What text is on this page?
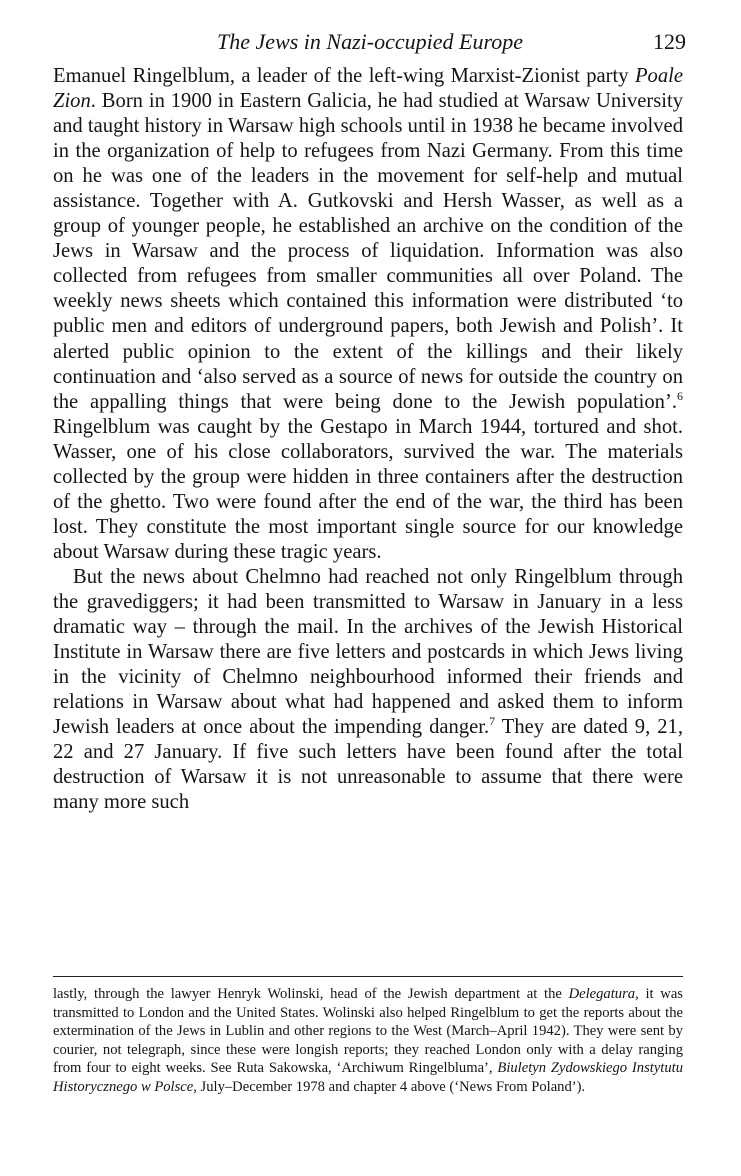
The Jews in Nazi-occupied Europe	129

Emanuel Ringelblum, a leader of the left-wing Marxist-Zionist party Poale Zion. Born in 1900 in Eastern Galicia, he had studied at Warsaw University and taught history in Warsaw high schools until in 1938 he became involved in the organization of help to refugees from Nazi Germany. From this time on he was one of the leaders in the movement for self-help and mutual assistance. Together with A. Gutkovski and Hersh Wasser, as well as a group of younger people, he established an archive on the condition of the Jews in Warsaw and the process of liquidation. Information was also collected from refugees from smaller communities all over Poland. The weekly news sheets which contained this information were distributed ‘to public men and editors of underground papers, both Jewish and Polish’. It alerted public opinion to the extent of the killings and their likely continuation and ‘also served as a source of news for outside the country on the appalling things that were being done to the Jewish population’.$^6$ Ringelblum was caught by the Gestapo in March 1944, tortured and shot. Wasser, one of his close collaborators, survived the war. The materials collected by the group were hidden in three containers after the destruction of the ghetto. Two were found after the end of the war, the third has been lost. They constitute the most important single source for our knowledge about Warsaw during these tragic years.

But the news about Chelmno had reached not only Ringelblum through the gravediggers; it had been transmitted to Warsaw in January in a less dramatic way – through the mail. In the archives of the Jewish Historical Institute in Warsaw there are five letters and postcards in which Jews living in the vicinity of Chelmno neighbourhood informed their friends and relations in Warsaw about what had happened and asked them to inform Jewish leaders at once about the impending danger.$^7$ They are dated 9, 21, 22 and 27 January. If five such letters have been found after the total destruction of Warsaw it is not unreasonable to assume that there were many more such

lastly, through the lawyer Henryk Wolinski, head of the Jewish department at the Delegatura, it was transmitted to London and the United States. Wolinski also helped Ringelblum to get the reports about the extermination of the Jews in Lublin and other regions to the West (March–April 1942). They were sent by courier, not telegraph, since these were longish reports; they reached London only with a delay ranging from four to eight weeks. See Ruta Sakowska, ‘Archiwum Ringelbluma’, Biuletyn Zydowskiego Instytutu Historycznego w Polsce, July–December 1978 and chapter 4 above (‘News From Poland’).
